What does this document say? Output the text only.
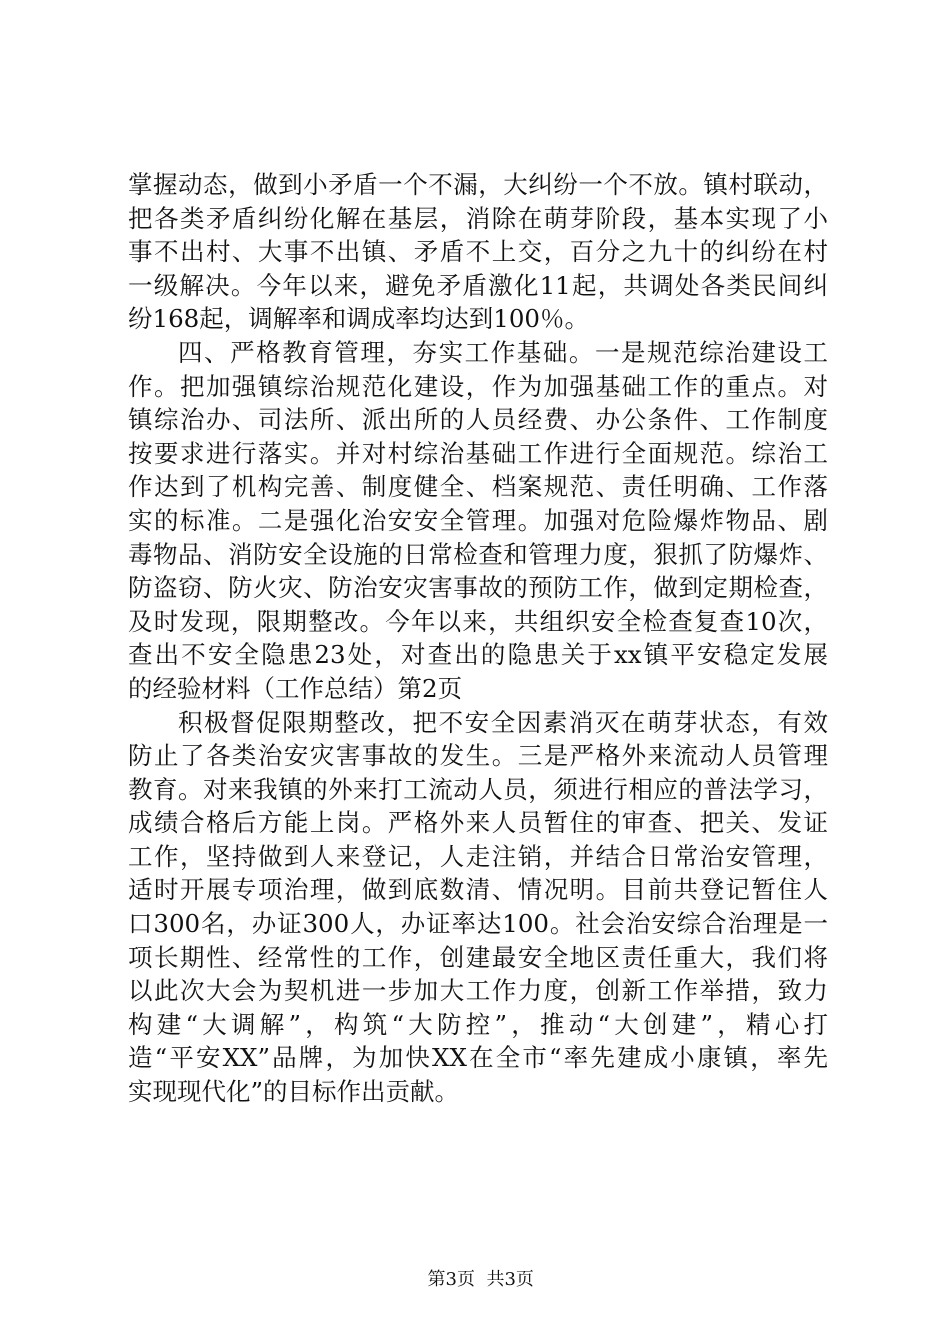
掌握动态，做到小矛盾一个不漏，大纠纷一个不放。镇村联动，
把各类矛盾纠纷化解在基层，消除在萌芽阶段，基本实现了小
事不出村、大事不出镇、矛盾不上交，百分之九十的纠纷在村
一级解决。今年以来，避免矛盾激化11起，共调处各类民间纠
纷168起，调解率和调成率均达到100％。
四、严格教育管理，夯实工作基础。一是规范综治建设工
作。把加强镇综治规范化建设，作为加强基础工作的重点。对
镇综治办、司法所、派出所的人员经费、办公条件、工作制度
按要求进行落实。并对村综治基础工作进行全面规范。综治工
作达到了机构完善、制度健全、档案规范、责任明确、工作落
实的标准。二是强化治安安全管理。加强对危险爆炸物品、剧
毒物品、消防安全设施的日常检查和管理力度，狠抓了防爆炸、
防盗窃、防火灾、防治安灾害事故的预防工作，做到定期检查，
及时发现，限期整改。今年以来，共组织安全检查复查10次，
查出不安全隐患23处，对查出的隐患关于xx镇平安稳定发展
的经验材料（工作总结）第2页
积极督促限期整改，把不安全因素消灭在萌芽状态，有效
防止了各类治安灾害事故的发生。三是严格外来流动人员管理
教育。对来我镇的外来打工流动人员，须进行相应的普法学习，
成绩合格后方能上岗。严格外来人员暂住的审查、把关、发证
工作，坚持做到人来登记，人走注销，并结合日常治安管理，
适时开展专项治理，做到底数清、情况明。目前共登记暂住人
口300名，办证300人，办证率达100。社会治安综合治理是一
项长期性、经常性的工作，创建最安全地区责任重大，我们将
以此次大会为契机进一步加大工作力度，创新工作举措，致力
构建“大调解”，构筑“大防控”，推动“大创建”，精心打
造“平安XX”品牌，为加快XX在全市“率先建成小康镇，率先
实现现代化”的目标作出贡献。

第3页  共3页
